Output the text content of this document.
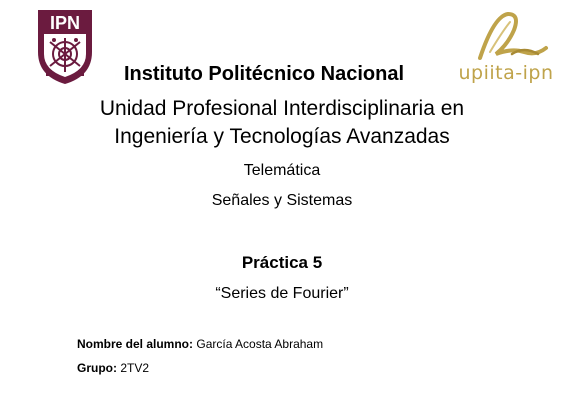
IPN
upiita-ipn
Instituto Politécnico Nacional
Unidad Profesional Interdisciplinaria en
Ingeniería y Tecnologías Avanzadas
Telemática
Señales y Sistemas
Práctica 5
“Series de Fourier”
Nombre del alumno: García Acosta Abraham
Grupo: 2TV2
